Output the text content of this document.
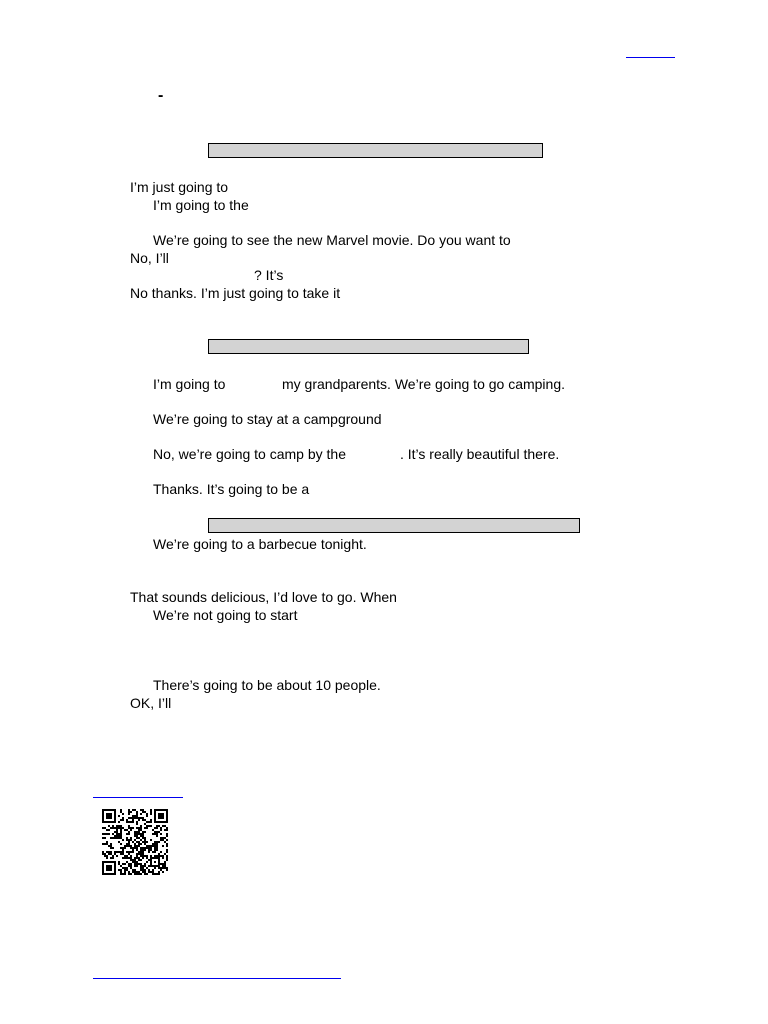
-
I’m just going to
I’m going to the
We’re going to see the new Marvel movie. Do you want to
No, I’ll
? It’s
No thanks. I’m just going to take it
I’m going to	my grandparents. We’re going to go camping.
We’re going to stay at a campground
No, we’re going to camp by the	. It’s really beautiful there.
Thanks. It’s going to be a
We’re going to a barbecue tonight.
That sounds delicious, I’d love to go. When
We’re not going to start
There’s going to be about 10 people.
OK, I’ll
